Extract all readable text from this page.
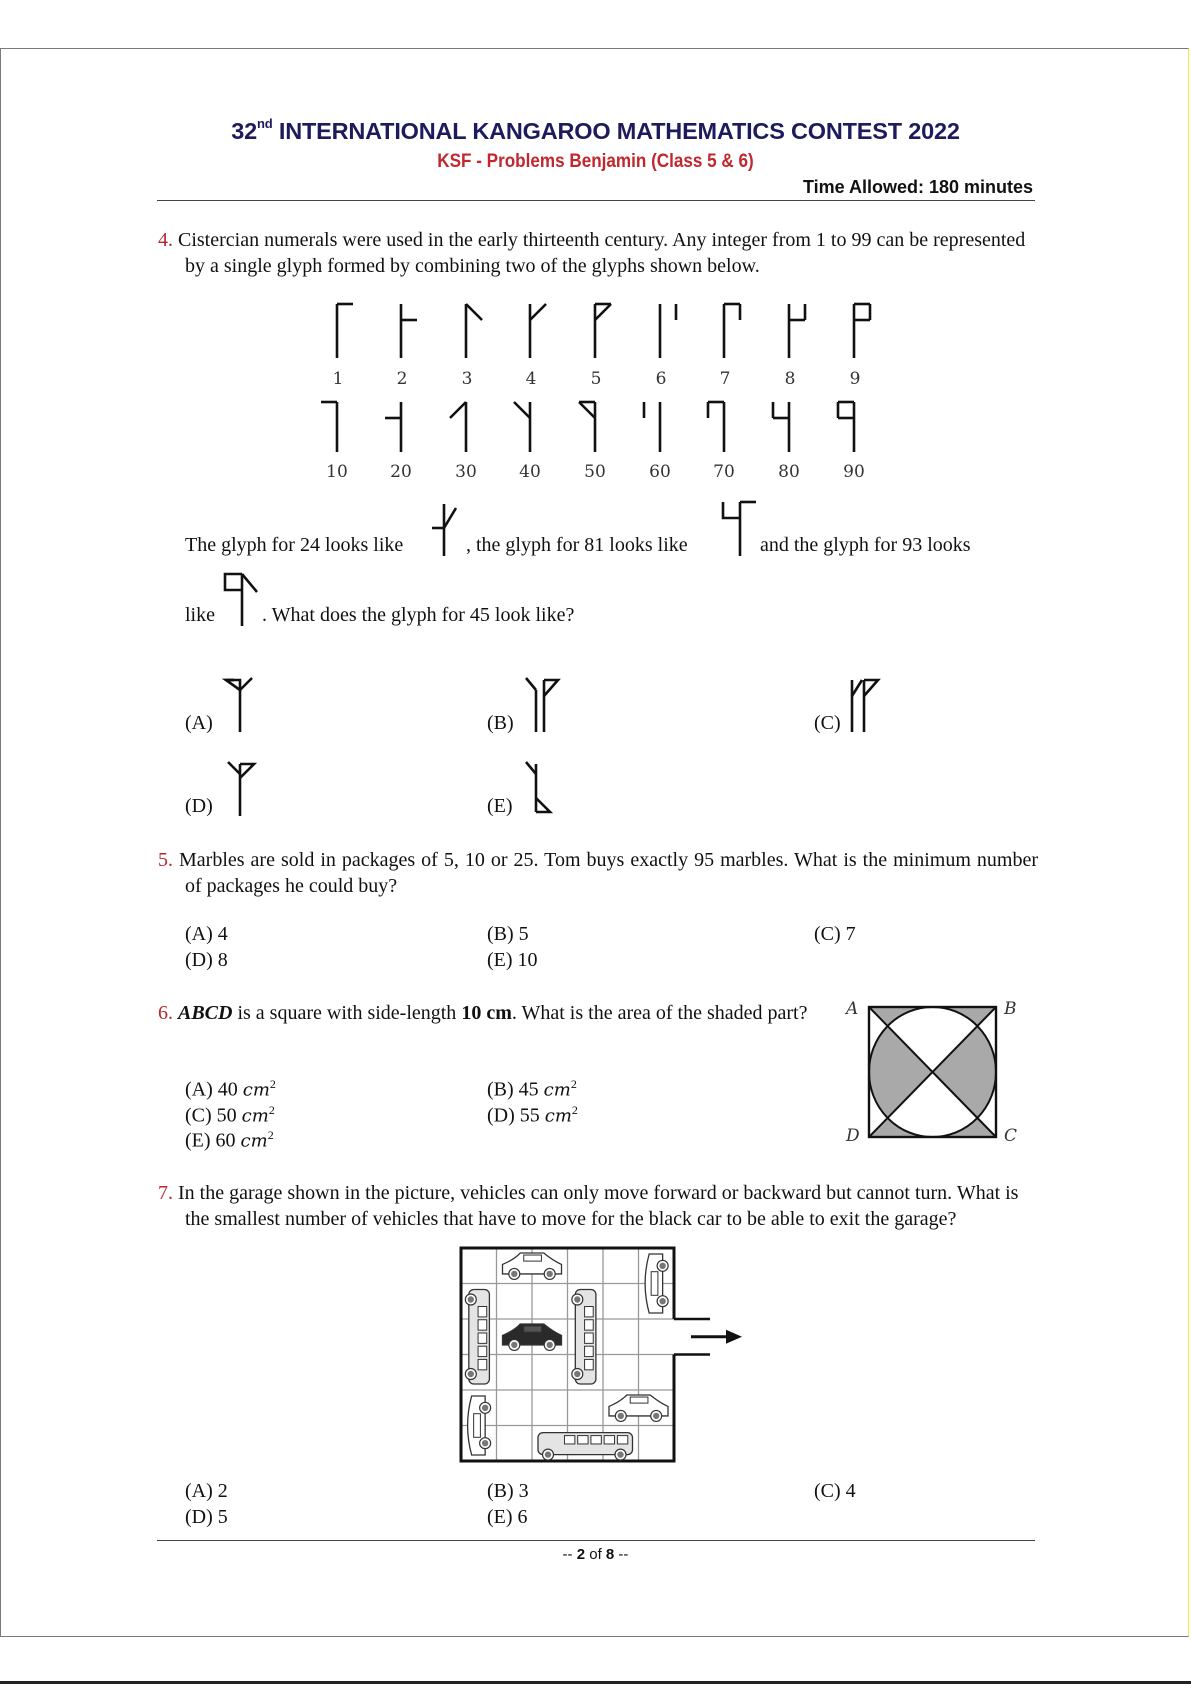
32nd INTERNATIONAL KANGAROO MATHEMATICS CONTEST 2022
KSF - Problems Benjamin (Class 5 & 6)
Time Allowed: 180 minutes
4. Cistercian numerals were used in the early thirteenth century. Any integer from 1 to 99 can be represented by a single glyph formed by combining two of the glyphs shown below.
1	2	3	4	5	6	7	8	9
10 20	30 40	50	60 70	80	90
The glyph for 24 looks like	, the glyph for 81 looks like	and the glyph for 93 looks
like . What does the glyph for 45 look like?
(A)	(B)	(C)
(D)	(E)
5. Marbles are sold in packages of 5, 10 or 25. Tom buys exactly 95 marbles. What is the minimum number of packages he could buy?
(A) 4	(B) 5	(C) 7
(D) 8	(E) 10
6. ABCD is a square with side-length 10 cm. What is the area of the shaded part?
(A) 40 $cm^2$	(B) 45 $cm^2$
(C) 50 $cm^2$	(D) 55 $cm^2$
(E) 60 $cm^2$
A	B
C
D
7. In the garage shown in the picture, vehicles can only move forward or backward but cannot turn. What is the smallest number of vehicles that have to move for the black car to be able to exit the garage?
(A) 2	(B) 3	(C) 4
(D) 5	(E) 6
-- 2 of 8 --
